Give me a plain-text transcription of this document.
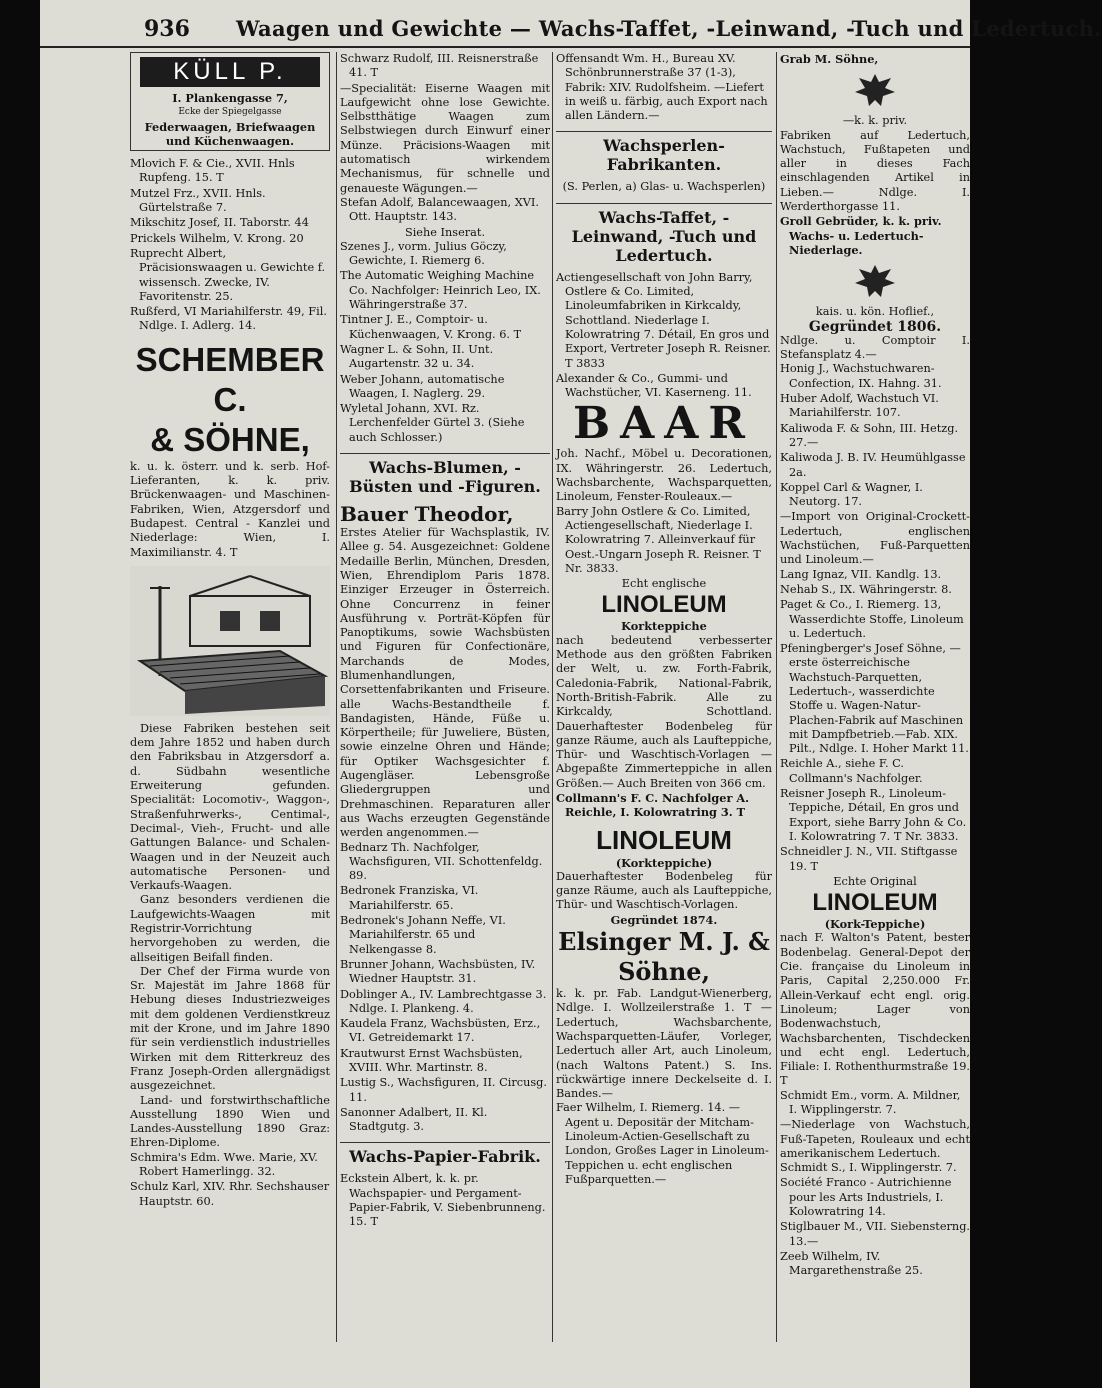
936 Waagen und Gewichte — Wachs-Taffet, -Leinwand, -Tuch und Ledertuch.
KÜLL P.
I. Plankengasse 7,
Ecke der Spiegelgasse
Federwaagen, Briefwaagen
und Küchenwaagen.
Mlovich F. & Cie., XVII. Hnls Rupfeng. 15. T
Mutzel Frz., XVII. Hnls. Gürtelstraße 7.
Mikschitz Josef, II. Taborstr. 44
Prickels Wilhelm, V. Krong. 20
Ruprecht Albert, Präcisionswaagen u. Gewichte f. wissensch. Zwecke, IV. Favoritenstr. 25.
Rußferd, VI Mariahilferstr. 49, Fil. Ndlge. I. Adlerg. 14.
SCHEMBER C.
& SÖHNE,
k. u. k. österr. und k. serb. Hof-Lieferanten, k. k. priv. Brückenwaagen- und Maschinen-Fabriken, Wien, Atzgersdorf und Budapest. Central - Kanzlei und Niederlage: Wien, I. Maximilianstr. 4. T
Diese Fabriken bestehen seit dem Jahre 1852 und haben durch den Fabriksbau in Atzgersdorf a. d. Südbahn wesentliche Erweiterung gefunden. Specialität: Locomotiv-, Waggon-, Straßenfuhrwerks-, Centimal-, Decimal-, Vieh-, Frucht- und alle Gattungen Balance- und Schalen-Waagen und in der Neuzeit auch automatische Personen- und Verkaufs-Waagen.
Ganz besonders verdienen die Laufgewichts-Waagen mit Registrir-Vorrichtung hervorgehoben zu werden, die allseitigen Beifall finden.
Der Chef der Firma wurde von Sr. Majestät im Jahre 1868 für Hebung dieses Industriezweiges mit dem goldenen Verdienstkreuz mit der Krone, und im Jahre 1890 für sein verdienstlich industrielles Wirken mit dem Ritterkreuz des Franz Joseph-Orden allergnädigst ausgezeichnet.
Land- und forstwirthschaftliche Ausstellung 1890 Wien und Landes-Ausstellung 1890 Graz: Ehren-Diplome.
Schmira's Edm. Wwe. Marie, XV. Robert Hamerlingg. 32.
Schulz Karl, XIV. Rhr. Sechshauser Hauptstr. 60.
Schwarz Rudolf, III. Reisnerstraße 41. T
—Specialität: Eiserne Waagen mit Laufgewicht ohne lose Gewichte. Selbstthätige Waagen zum Selbstwiegen durch Einwurf einer Münze. Präcisions-Waagen mit automatisch wirkendem Mechanismus, für schnelle und genaueste Wägungen.—
Stefan Adolf, Balancewaagen, XVI. Ott. Hauptstr. 143.
Siehe Inserat.
Szenes J., vorm. Julius Göczy, Gewichte, I. Riemerg 6.
The Automatic Weighing Machine Co. Nachfolger: Heinrich Leo, IX. Währingerstraße 37.
Tintner J. E., Comptoir- u. Küchenwaagen, V. Krong. 6. T
Wagner L. & Sohn, II. Unt. Augartenstr. 32 u. 34.
Weber Johann, automatische Waagen, I. Naglerg. 29.
Wyletal Johann, XVI. Rz. Lerchenfelder Gürtel 3. (Siehe auch Schlosser.)
Wachs-Blumen, -Büsten und -Figuren.
Bauer Theodor,
Erstes Atelier für Wachsplastik, IV. Allee g. 54. Ausgezeichnet: Goldene Medaille Berlin, München, Dresden, Wien, Ehrendiplom Paris 1878. Einziger Erzeuger in Österreich. Ohne Concurrenz in feiner Ausführung v. Porträt-Köpfen für Panoptikums, sowie Wachsbüsten und Figuren für Confectionäre, Marchands de Modes, Blumenhandlungen, Corsettenfabrikanten und Friseure. alle Wachs-Bestandtheile f. Bandagisten, Hände, Füße u. Körpertheile; für Juweliere, Büsten, sowie einzelne Ohren und Hände; für Optiker Wachsgesichter f. Augengläser. Lebensgroße Gliedergruppen und Drehmaschinen. Reparaturen aller aus Wachs erzeugten Gegenstände werden angenommen.—
Bednarz Th. Nachfolger, Wachsfiguren, VII. Schottenfeldg. 89.
Bedronek Franziska, VI. Mariahilferstr. 65.
Bedronek's Johann Neffe, VI. Mariahilferstr. 65 und Nelkengasse 8.
Brunner Johann, Wachsbüsten, IV. Wiedner Hauptstr. 31.
Doblinger A., IV. Lambrechtgasse 3. Ndlge. I. Plankeng. 4.
Kaudela Franz, Wachsbüsten, Erz., VI. Getreidemarkt 17.
Krautwurst Ernst Wachsbüsten, XVIII. Whr. Martinstr. 8.
Lustig S., Wachsfiguren, II. Circusg. 11.
Sanonner Adalbert, II. Kl. Stadtgutg. 3.
Wachs-Papier-Fabrik.
Eckstein Albert, k. k. pr. Wachspapier- und Pergament-Papier-Fabrik, V. Siebenbrunneng. 15. T
Offensandt Wm. H., Bureau XV. Schönbrunnerstraße 37 (1-3), Fabrik: XIV. Rudolfsheim. —Liefert in weiß u. färbig, auch Export nach allen Ländern.—
Wachsperlen-Fabrikanten.
(S. Perlen, a) Glas- u. Wachsperlen)
Wachs-Taffet, -Leinwand, -Tuch und Ledertuch.
Actiengesellschaft von John Barry, Ostlere & Co. Limited, Linoleumfabriken in Kirkcaldy, Schottland. Niederlage I. Kolowratring 7. Détail, En gros und Export, Vertreter Joseph R. Reisner. T 3833
Alexander & Co., Gummi- und Wachstücher, VI. Kaserneng. 11.
BAAR
Joh. Nachf., Möbel u. Decorationen, IX. Währingerstr. 26. Ledertuch, Wachsbarchente, Wachsparquetten, Linoleum, Fenster-Rouleaux.—
Barry John Ostlere & Co. Limited, Actiengesellschaft, Niederlage I. Kolowratring 7. Alleinverkauf für Oest.-Ungarn Joseph R. Reisner. T Nr. 3833.
Echt englische
LINOLEUM
Korkteppiche
nach bedeutend verbesserter Methode aus den größten Fabriken der Welt, u. zw. Forth-Fabrik, Caledonia-Fabrik, National-Fabrik, North-British-Fabrik. Alle zu Kirkcaldy, Schottland. Dauerhaftester Bodenbeleg für ganze Räume, auch als Laufteppiche, Thür- und Waschtisch-Vorlagen —Abgepaßte Zimmerteppiche in allen Größen.— Auch Breiten von 366 cm.
Collmann's F. C. Nachfolger A. Reichle, I. Kolowratring 3. T
LINOLEUM
(Korkteppiche)
Dauerhaftester Bodenbeleg für ganze Räume, auch als Laufteppiche, Thür- und Waschtisch-Vorlagen.
Gegründet 1874.
Elsinger M. J. & Söhne,
k. k. pr. Fab. Landgut-Wienerberg, Ndlge. I. Wollzeilerstraße 1. T —Ledertuch, Wachsbarchente, Wachsparquetten-Läufer, Vorleger, Ledertuch aller Art, auch Linoleum, (nach Waltons Patent.) S. Ins. rückwärtige innere Deckelseite d. I. Bandes.—
Faer Wilhelm, I. Riemerg. 14. —Agent u. Depositär der Mitcham-Linoleum-Actien-Gesellschaft zu London, Großes Lager in Linoleum-Teppichen u. echt englischen Fußparquetten.—
Grab M. Söhne,
—k. k. priv.
Fabriken auf Ledertuch, Wachstuch, Fußtapeten und aller in dieses Fach einschlagenden Artikel in Lieben.— Ndlge. I. Werderthorgasse 11.
Groll Gebrüder, k. k. priv. Wachs- u. Ledertuch-Niederlage.
kais. u. kön. Hoflief.,
Gegründet 1806.
Ndlge. u. Comptoir I. Stefansplatz 4.—
Honig J., Wachstuchwaren-Confection, IX. Hahng. 31.
Huber Adolf, Wachstuch VI. Mariahilferstr. 107.
Kaliwoda F. & Sohn, III. Hetzg. 27.—
Kaliwoda J. B. IV. Heumühlgasse 2a.
Koppel Carl & Wagner, I. Neutorg. 17.
—Import von Original-Crockett-Ledertuch, englischen Wachstüchen, Fuß-Parquetten und Linoleum.—
Lang Ignaz, VII. Kandlg. 13.
Nehab S., IX. Währingerstr. 8.
Paget & Co., I. Riemerg. 13, Wasserdichte Stoffe, Linoleum u. Ledertuch.
Pfeningberger's Josef Söhne, —erste österreichische Wachstuch-Parquetten, Ledertuch-, wasserdichte Stoffe u. Wagen-Natur-Plachen-Fabrik auf Maschinen mit Dampfbetrieb.—Fab. XIX. Pilt., Ndlge. I. Hoher Markt 11.
Reichle A., siehe F. C. Collmann's Nachfolger.
Reisner Joseph R., Linoleum-Teppiche, Détail, En gros und Export, siehe Barry John & Co. I. Kolowratring 7. T Nr. 3833.
Schneidler J. N., VII. Stiftgasse 19. T
Echte Original
LINOLEUM
(Kork-Teppiche)
nach F. Walton's Patent, bester Bodenbelag. General-Depot der Cie. française du Linoleum in Paris, Capital 2,250.000 Fr. Allein-Verkauf echt engl. orig. Linoleum; Lager von Bodenwachstuch, Wachsbarchenten, Tischdecken und echt engl. Ledertuch, Filiale: I. Rothenthurmstraße 19. T
Schmidt Em., vorm. A. Mildner, I. Wipplingerstr. 7.
—Niederlage von Wachstuch, Fuß-Tapeten, Rouleaux und echt amerikanischem Ledertuch.
Schmidt S., I. Wipplingerstr. 7.
Société Franco - Autrichienne pour les Arts Industriels, I. Kolowratring 14.
Stiglbauer M., VII. Siebensterng. 13.—
Zeeb Wilhelm, IV. Margarethenstraße 25.
